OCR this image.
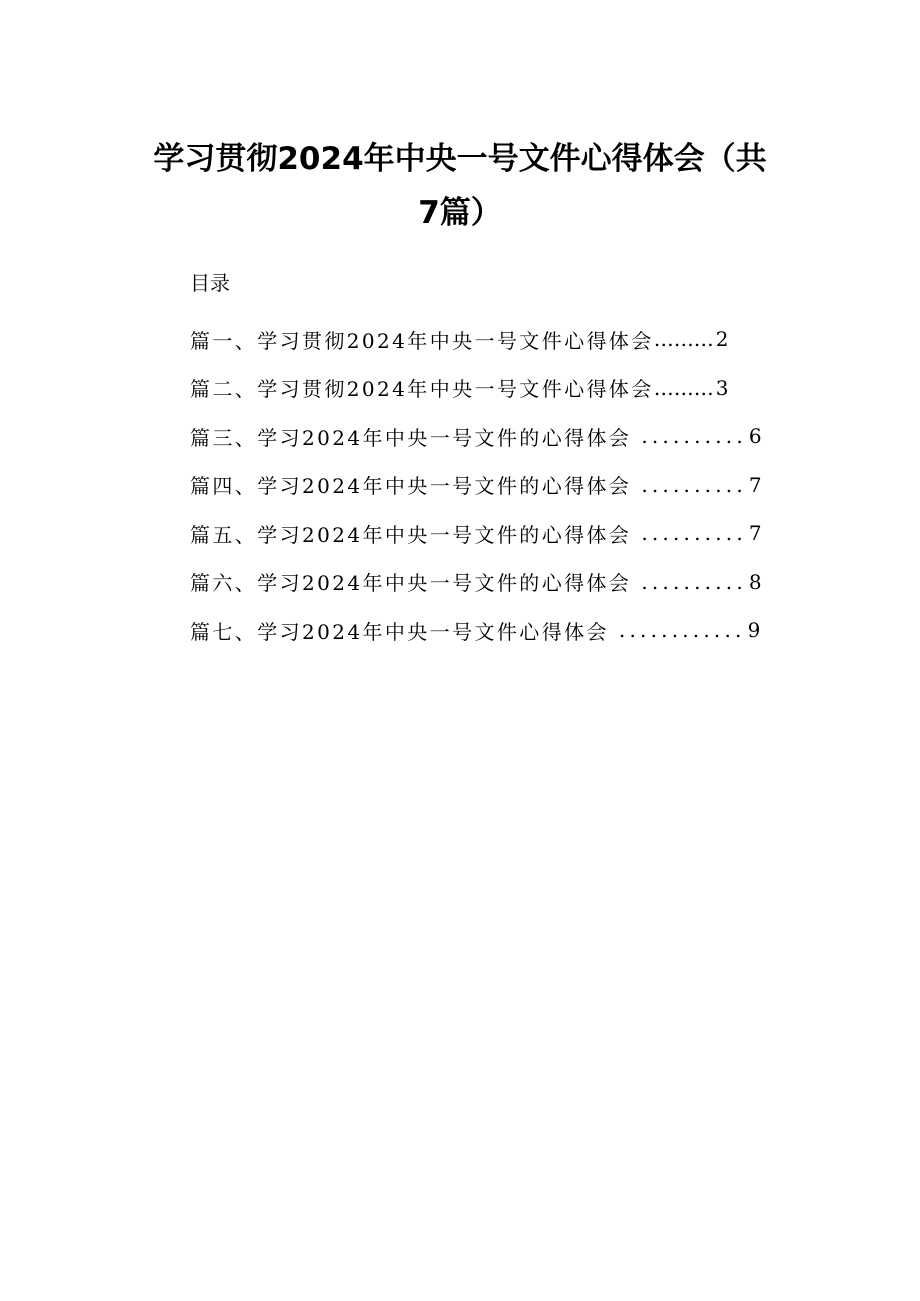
学习贯彻2024年中央一号文件心得体会（共
7篇）

目录

篇一、学习贯彻2024年中央一号文件心得体会 ……… 2
篇二、学习贯彻2024年中央一号文件心得体会 ……… 3
篇三、学习2024年中央一号文件的心得体会 .......... 6
篇四、学习2024年中央一号文件的心得体会 .......... 7
篇五、学习2024年中央一号文件的心得体会 .......... 7
篇六、学习2024年中央一号文件的心得体会 .......... 8
篇七、学习2024年中央一号文件心得体会 ............ 9
